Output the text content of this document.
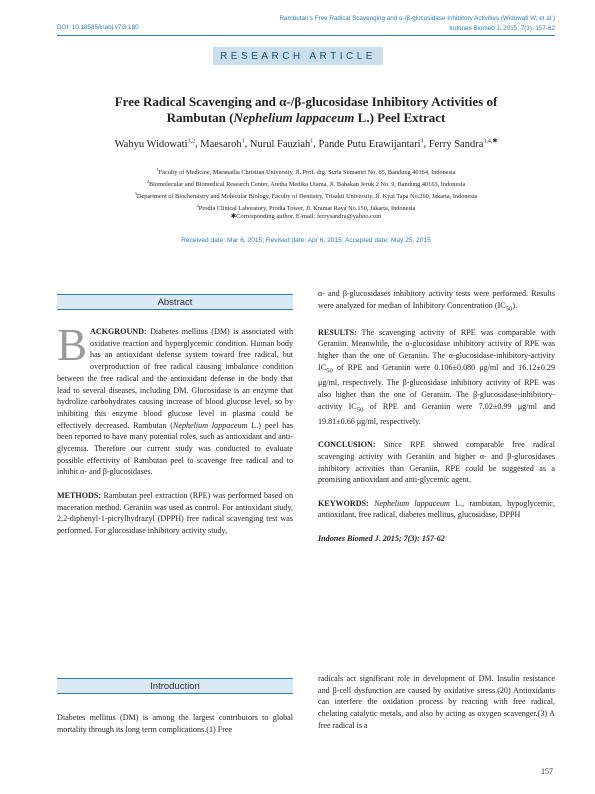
Rambutan's Free Radical Scavenging and α-/β-glucosidase Inhibitory Activities (Widowati W, et al.)
Indones Biomed J. 2015; 7(3): 157-62
DOI: 10.18585/inabj.v7i3.180
RESEARCH ARTICLE
Free Radical Scavenging and α-/β-glucosidase Inhibitory Activities of
Rambutan (Nephelium lappaceum L.) Peel Extract
Wahyu Widowati$^{1,2}$, Maesaroh$^1$, Nurul Fauziah$^1$, Pande Putu Erawijantari$^1$, Ferry Sandra$^{3,4,✱}$
$^1$Faculty of Medicine, Maranatha Christian University, Jl. Prof. drg. Suria Sumantri No. 65, Bandung 40164, Indonesia
$^2$Biomolecular and Biomedical Research Center, Aretha Medika Utama, Jl. Babakan Jeruk 2 No. 9, Bandung 40163, Indonesia
$^3$Department of Biochemistry and Molecular Biology, Faculty of Dentistry, Trisakti University, Jl. Kyai Tapa No.260, Jakarta, Indonesia
$^4$Prodia Clinical Laboratory, Prodia Tower, Jl. Kramat Raya No.150, Jakarta, Indonesia
✱Corresponding author. E-mail: ferrysandra@yahoo.com
Received date: Mar 6, 2015; Revised date: Apr 6, 2015; Accepted date: May 25, 2015
Abstract

BACKGROUND: Diabetes mellitus (DM) is associated with oxidative reaction and hyperglycemic condition. Human body has an antioxidant defense system toward free radical, but overproduction of free radical causing imbalance condition between the free radical and the antioxidant defense in the body that lead to several diseases, including DM. Glucosidase is an enzyme that hydrolize carbohydrates causing increase of blood glucose level, so by inhibiting this enzyme blood glucose level in plasma could be effectively decreased. Rambutan (Nephelium lappaceum L.) peel has been reported to have many potential roles, such as antioxidant and anti-glycemia. Therefore our current study was conducted to evaluate possible effectivity of Rambutan peel to scavenge free radical and to inhibit α- and β-glucosidases.

METHODS: Rambutan peel extraction (RPE) was performed based on maceration method. Geraniin was used as control. For antioxidant study, 2,2-diphenyl-1-picrylhydrazyl (DPPH) free radical scavenging test was performed. For glucosidase inhibitory activity study,

α- and β-glucosidases inhibitory activity tests were performed. Results were analyzed for median of Inhibitory Concentration $(IC_{50})$.

RESULTS: The scavenging activity of RPE was comparable with Geraniin. Meanwhile, the α-glucosidase inhibitory activity of RPE was higher than the one of Geraniin. The α-glucosidase-inhibitory-activity $IC_{50}$ of RPE and Geraniin were 0.106±0.080 μg/ml and 16.12±0.29 μg/ml, respectively. The β-glucosidase inhibitory activity of RPE was also higher than the one of Geraniin. The β-glucosidase-inhibitory-activity $IC_{50}$ of RPE and Geraniin were 7.02±0.99 μg/ml and 19.81±0.66 μg/ml, respectively.

CONCLUSION: Since RPE showed comparable free radical scavenging activity with Geraniin and higher α- and β-glucosidases inhibitory activities than Geraniin, RPE could be suggested as a promising antioxidant and anti-glycemic agent.

KEYWORDS: Nephelium lappaceum L., rambutan, hypoglycemic, antioxidant, free radical, diabetes mellitus, glucosidase, DPPH

Indones Biomed J. 2015; 7(3): 157-62

Introduction

Diabetes mellitus (DM) is among the largest contributors to global mortality through its long term complications.(1) Free

radicals act significant role in development of DM. Insulin resistance and β-cell dysfunction are caused by oxidative stress.(20) Antioxidants can interfere the oxidation process by reacting with free radical, chelating catalytic metals, and also by acting as oxygen scavenger.(3) A free radical is a

157
